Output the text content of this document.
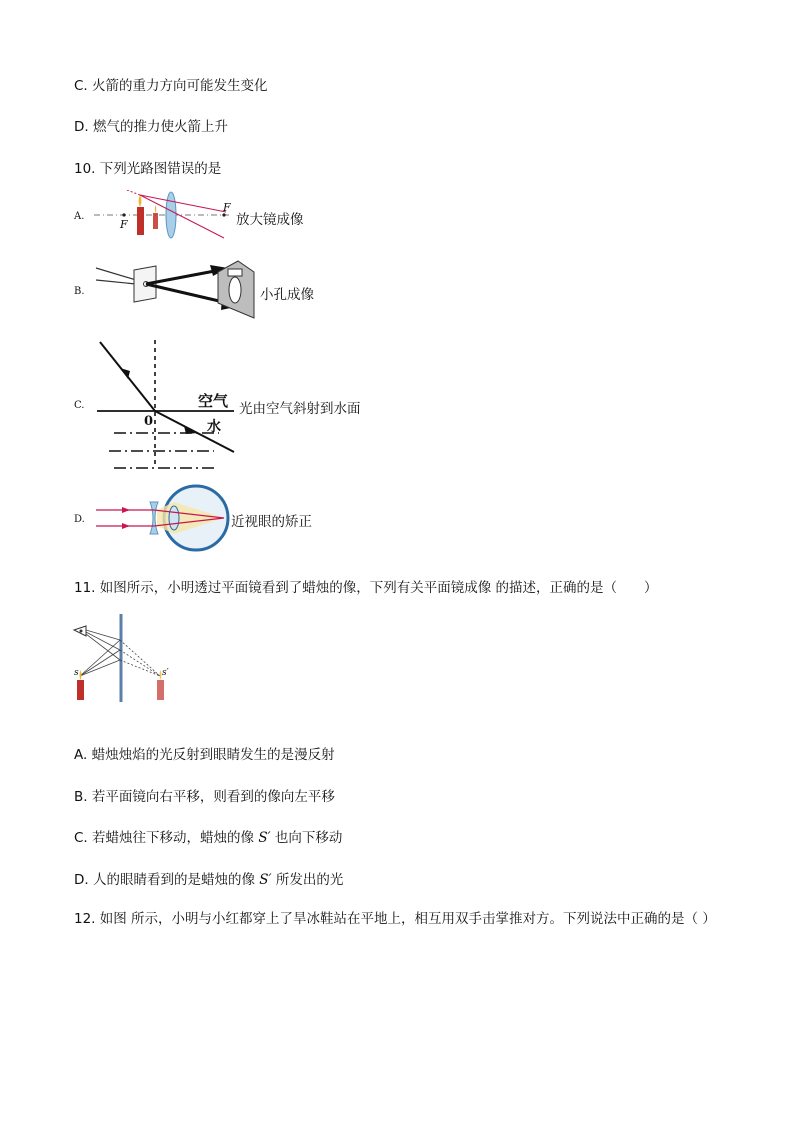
C. 火箭的重力方向可能发生变化
D. 燃气的推力使火箭上升
10. 下列光路图错误的是
A.
F
F	放大镜成像
B.	小孔成像
C.	空气
水
0
光由空气斜射到水面
D.	近视眼的矫正
11. 如图所示，小明透过平面镜看到了蜡烛的像，下列有关平面镜成像 的描述，正确的是（　　）
s	s′
A. 蜡烛烛焰的光反射到眼睛发生的是漫反射
B. 若平面镜向右平移，则看到的像向左平移
C. 若蜡烛往下移动，蜡烛的像 S′ 也向下移动
D. 人的眼睛看到的是蜡烛的像 S′ 所发出的光
12. 如图 所示，小明与小红都穿上了旱冰鞋站在平地上，相互用双手击掌推对方。下列说法中正确的是（ ）
